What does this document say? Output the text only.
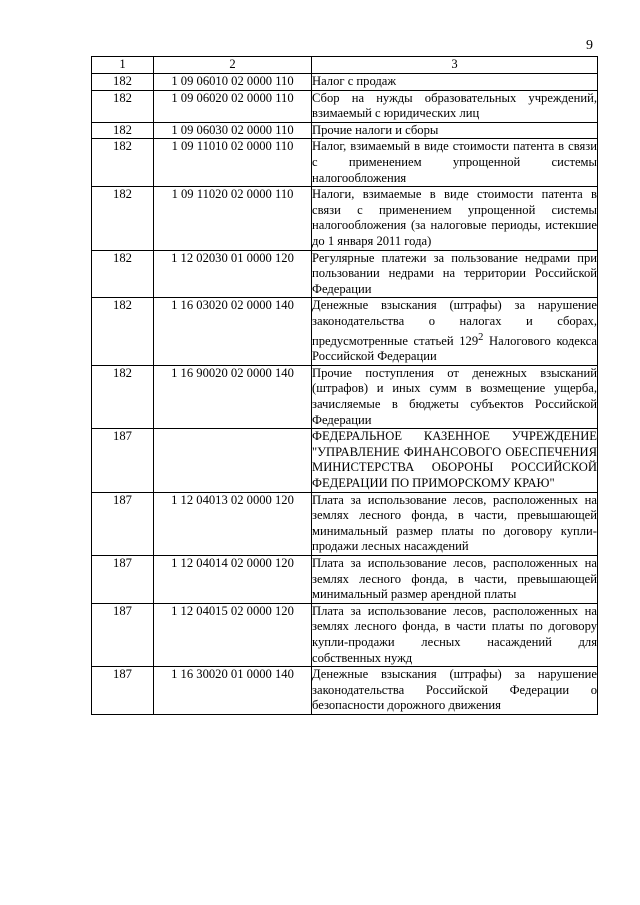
9
1	2	3
182	1 09 06010 02 0000 110	Налог с продаж
182	1 09 06020 02 0000 110	Сбор на нужды образовательных учреждений, взимаемый с юридических лиц
182	1 09 06030 02 0000 110	Прочие налоги и сборы
182	1 09 11010 02 0000 110	Налог, взимаемый в виде стоимости патента в связи с применением упрощенной системы налогообложения
182	1 09 11020 02 0000 110	Налоги, взимаемые в виде стоимости патента в связи с применением упрощенной системы налогообложения (за налоговые периоды, истекшие до 1 января 2011 года)
182	1 12 02030 01 0000 120	Регулярные платежи за пользование недрами при пользовании недрами на территории Российской Федерации
182	1 16 03020 02 0000 140	Денежные взыскания (штрафы) за нарушение законодательства о налогах и сборах, предусмотренные статьей $129^2$ Налогового кодекса Российской Федерации
182	1 16 90020 02 0000 140	Прочие поступления от денежных взысканий (штрафов) и иных сумм в возмещение ущерба, зачисляемые в бюджеты субъектов Российской Федерации
187		ФЕДЕРАЛЬНОЕ КАЗЕННОЕ УЧРЕЖДЕНИЕ "УПРАВЛЕНИЕ ФИНАНСОВОГО ОБЕСПЕЧЕНИЯ МИНИСТЕРСТВА ОБОРОНЫ РОССИЙСКОЙ ФЕДЕРАЦИИ ПО ПРИМОРСКОМУ КРАЮ"
187	1 12 04013 02 0000 120	Плата за использование лесов, расположенных на землях лесного фонда, в части, превышающей минимальный размер платы по договору купли-продажи лесных насаждений
187	1 12 04014 02 0000 120	Плата за использование лесов, расположенных на землях лесного фонда, в части, превышающей минимальный размер арендной платы
187	1 12 04015 02 0000 120	Плата за использование лесов, расположенных на землях лесного фонда, в части платы по договору купли-продажи лесных насаждений для собственных нужд
187	1 16 30020 01 0000 140	Денежные взыскания (штрафы) за нарушение законодательства Российской Федерации о безопасности дорожного движения
